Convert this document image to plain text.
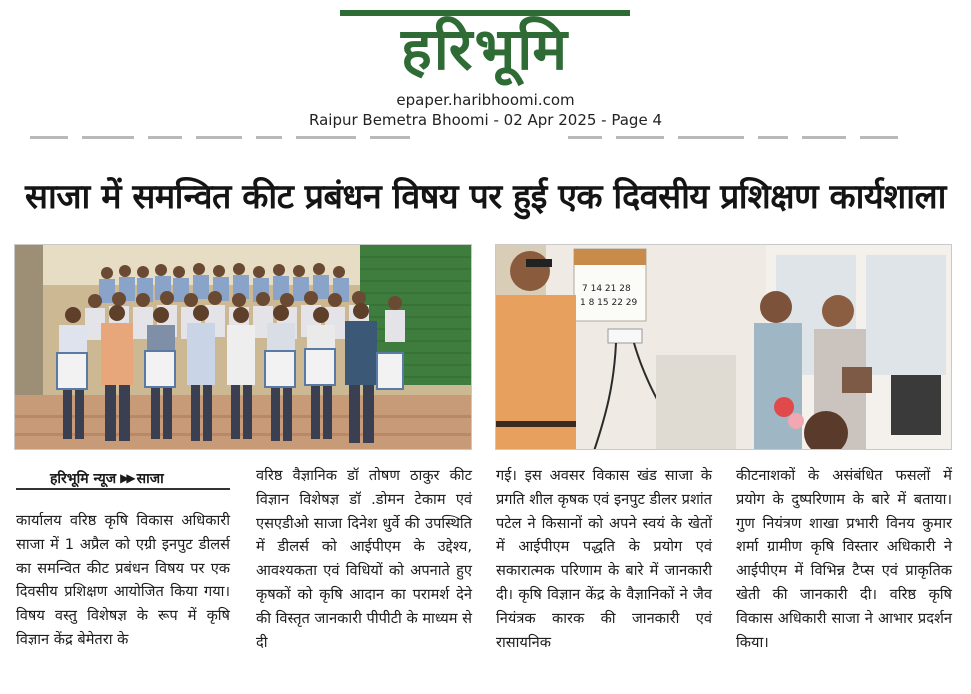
हरिभूमि
epaper.haribhoomi.com
Raipur Bemetra Bhoomi - 02 Apr 2025 - Page 4

साजा में समन्वित कीट प्रबंधन विषय पर हुई एक दिवसीय प्रशिक्षण कार्यशाला
7 14 21 28
1 8 15 22 29
हरिभूमि न्यूज ▶▶ साजा

कार्यालय वरिष्ठ कृषि विकास अधिकारी साजा में 1 अप्रैल को एग्री इनपुट डीलर्स का समन्वित कीट प्रबंधन विषय पर एक दिवसीय प्रशिक्षण आयोजित किया गया। विषय वस्तु विशेषज्ञ के रूप में कृषि विज्ञान केंद्र बेमेतरा के

वरिष्ठ वैज्ञानिक डॉ तोषण ठाकुर कीट विज्ञान विशेषज्ञ डॉ .डोमन टेकाम एवं एसएडीओ साजा दिनेश धुर्वे की उपस्थिति में डीलर्स को आईपीएम के उद्देश्य, आवश्यकता एवं विधियों को अपनाते हुए कृषकों को कृषि आदान का परामर्श देने की विस्तृत जानकारी पीपीटी के माध्यम से दी

गई। इस अवसर विकास खंड साजा के प्रगति शील कृषक एवं इनपुट डीलर प्रशांत पटेल ने किसानों को अपने स्वयं के खेतों में आईपीएम पद्धति के प्रयोग एवं सकारात्मक परिणाम के बारे में जानकारी दी। कृषि विज्ञान केंद्र के वैज्ञानिकों ने जैव नियंत्रक कारक की जानकारी एवं रासायनिक

कीटनाशकों के असंबंधित फसलों में प्रयोग के दुष्परिणाम के बारे में बताया। गुण नियंत्रण शाखा प्रभारी विनय कुमार शर्मा ग्रामीण कृषि विस्तार अधिकारी ने आईपीएम में विभिन्न टैप्स एवं प्राकृतिक खेती की जानकारी दी। वरिष्ठ कृषि विकास अधिकारी साजा ने आभार प्रदर्शन किया।
